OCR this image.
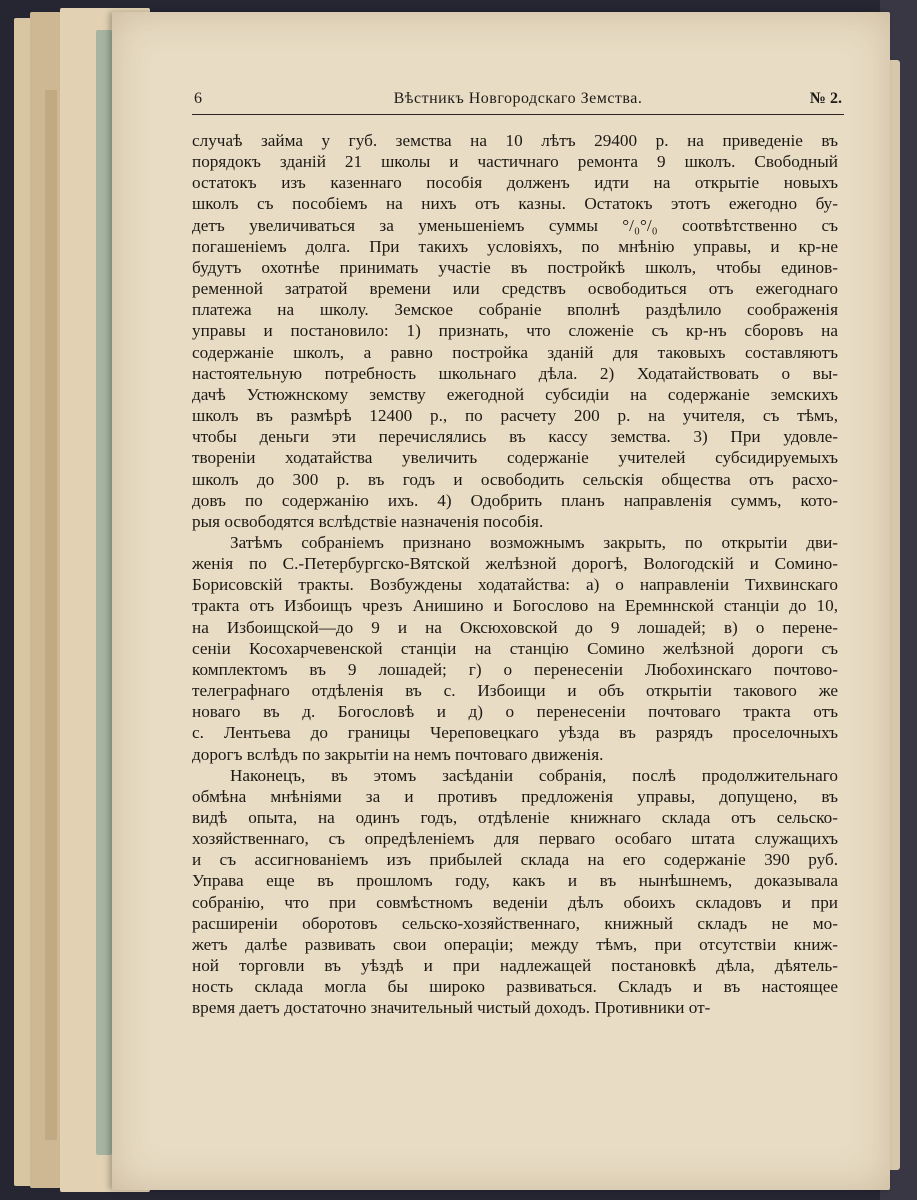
6	Вѣстникъ Новгородскаго Земства.	№ 2.

случаѣ займа у губ. земства на 10 лѣтъ 29400 р. на приведеніе въ
порядокъ зданій 21 школы и частичнаго ремонта 9 школъ. Свободный
остатокъ изъ казеннаго пособія долженъ идти на открытіе новыхъ
школъ съ пособіемъ на нихъ отъ казны. Остатокъ этотъ ежегодно бу-
детъ увеличиваться за уменьшеніемъ суммы °/₀°/₀ соотвѣтственно съ
погашеніемъ долга. При такихъ условіяхъ, по мнѣнію управы, и кр-не
будутъ охотнѣе принимать участіе въ постройкѣ школъ, чтобы единов-
ременной затратой времени или средствъ освободиться отъ ежегоднаго
платежа на школу. Земское собраніе вполнѣ раздѣлило соображенія
управы и постановило: 1) признать, что сложеніе съ кр-нъ сборовъ на
содержаніе школъ, а равно постройка зданій для таковыхъ составляютъ
настоятельную потребность школьнаго дѣла. 2) Ходатайствовать о вы-
дачѣ Устюжнскому земству ежегодной субсидіи на содержаніе земскихъ
школъ въ размѣрѣ 12400 р., по расчету 200 р. на учителя, съ тѣмъ,
чтобы деньги эти перечислялись въ кассу земства. 3) При удовле-
твореніи ходатайства увеличить содержаніе учителей субсидируемыхъ
школъ до 300 р. въ годъ и освободить сельскія общества отъ расхо-
довъ по содержанію ихъ. 4) Одобрить планъ направленія суммъ, кото-
рыя освободятся вслѣдствіе назначенія пособія.

Затѣмъ собраніемъ признано возможнымъ закрыть, по открытіи дви-
женія по С.-Петербургско-Вятской желѣзной дорогѣ, Вологодскій и Сомино-
Борисовскій тракты. Возбуждены ходатайства: а) о направленіи Тихвинскаго
тракта отъ Избоищъ чрезъ Анишино и Богослово на Еремннской станціи до 10,
на Избоищской—до 9 и на Оксюховской до 9 лошадей; в) о перене-
сеніи Косохарчевенской станціи на станцію Сомино желѣзной дороги съ
комплектомъ въ 9 лошадей; г) о перенесеніи Любохинскаго почтово-
телеграфнаго отдѣленія въ с. Избоищи и объ открытіи такового же
новаго въ д. Богословѣ и д) о перенесеніи почтоваго тракта отъ
с. Лентьева до границы Череповецкаго уѣзда въ разрядъ проселочныхъ
дорогъ вслѣдъ по закрытіи на немъ почтоваго движенія.

Наконецъ, въ этомъ засѣданіи собранія, послѣ продолжительнаго
обмѣна мнѣніями за и противъ предложенія управы, допущено, въ
видѣ опыта, на одинъ годъ, отдѣленіе книжнаго склада отъ сельско-
хозяйственнаго, съ опредѣленіемъ для перваго особаго штата служащихъ
и съ ассигнованіемъ изъ прибылей склада на его содержаніе 390 руб.
Управа еще въ прошломъ году, какъ и въ нынѣшнемъ, доказывала
собранію, что при совмѣстномъ веденіи дѣлъ обоихъ складовъ и при
расширеніи оборотовъ сельско-хозяйственнаго, книжный складъ не мо-
жетъ далѣе развивать свои операціи; между тѣмъ, при отсутствіи книж-
ной торговли въ уѣздѣ и при надлежащей постановкѣ дѣла, дѣятель-
ность склада могла бы широко развиваться. Складъ и въ настоящее
время даетъ достаточно значительный чистый доходъ. Противники от-
